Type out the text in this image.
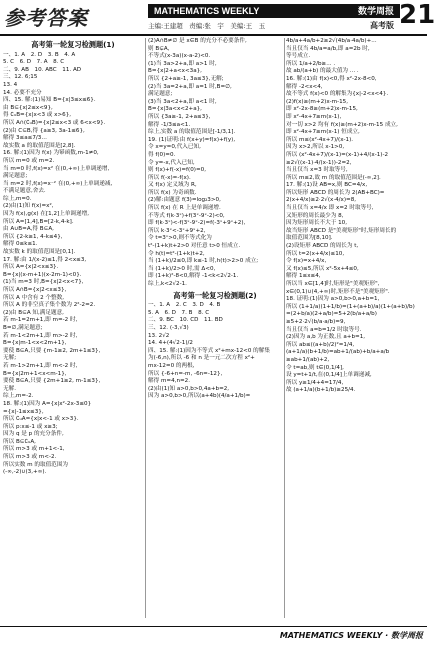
参考答案	MATHEMATICS WEEKLY	数学周报
主编:王建超　责编:张　宇　美编:王　玉	高考版 21
高考第一轮复习检测题(1)
一、1. A　2. D　3. B　4. A
5. C　6. D　7. A　8. C
二、9. AB　10. ABC　11. AD
三、12. 6;15
13. 4
14. 必要不充分
四、15. 解:(1)易知 B={x|3≤x≤6}.
由 B⊆{x|2≤x<9},
得 ∁ᵤB={x|x<3 或 x>6},
所以 A∩(∁ᵤB)={x|2≤x<3 或 6<x<9}.
(2)由 C⊆B,得 {a≥3, 3a-1≤6},
解得 3≤a≤7/3…
故实数 a 的取值范围是[2,8].
16. 解:(1)因为 f(x) 为幂函数,m-1≠0,
所以 m=0 或 m=2.
当 m=0 时,f(x)=x² 在(0,+∞)上单调递增,
满足题意;
当 m=2 时,f(x)=x⁻² 在(0,+∞)上单调递减,
不满足题意,舍去.
综上,m=0.
(2)由(1)知 f(x)=x²,
因为 f(x),g(x) 在[1,2]上单调递增,
所以 A=[1,4],B=[2-k,4-k].
由 A∪B=A,得 B⊆A,
所以 {2-k≥1, 4-k≤4},
解得 0≤k≤1.
故实数 k 的取值范围是[0,1].
17. 解:由 1/(x-2)≤1,得 2<x≤3,
所以 A={x|2<x≤3}.
B={x|(x-m+1)(x-2m-1)<0}.
(1)当 m=3 时,B={x|2<x<7},
所以 A∩B={x|2<x≤3},
所以 A 中含有 2 个整数,
所以 A 的非空真子集个数为 2²-2=2.
(2)由 B⊆A 知,满足题意,
若 m-1=2m+1,即 m=-2 时,
B=∅,满足题意;
若 m-1<2m+1,即 m>-2 时,
B={x|m-1<x<2m+1},
要使 B⊆A,只要 {m-1≥2, 2m+1≤3},
无解;
若 m-1>2m+1,即 m<-2 时,
B={x|2m+1<x<m-1},
要使 B⊆A,只要 {2m+1≥2, m-1≤3},
无解.
综上,m=-2.
18. 解:(1)因为 A={x|x²-2x-3≤0}
={x|-1≤x≤3},
所以 ∁ᵤA={x|x<-1 或 x>3}.
所以 p:x≤-1 或 x≥3;
因为 q 是 p 的充分条件,
所以 B⊆∁ᵤA,
所以 m>3 或 m+1<-1,
所以 m>3 或 m<-2.
所以实数 m 的取值范围为
(-∞,-2)∪(3,+∞).
(2)A∩B≠∅ 是 x∈B 的充分不必要条件,
则 B⊊A,
不等式(x-3a)(x-a-2)<0.
(1)当 3a>2+a,即 a>1 时,
B={x|2+a<x<3a},
所以 {2+a≥-1, 3a≤3},无解;
(2)当 3a=2+a,即 a=1 时,B=∅,
满足题意;
(3)当 3a<2+a,即 a<1 时,
B={x|3a<x<2+a},
所以 {3a≥-1, 2+a≤3},
解得 -1/3≤a<1.
综上,实数 a 的取值范围是[-1/3,1].
19. (1)证明:由 f(x+y)=f(x)+f(y),
令 x=y=0,代入已知,
得 f(0)=0.
令 y=-x,代入已知,
则 f(x)+f(-x)=f(0)=0,
所以 f(-x)=-f(x).
又 f(x) 定义域为 R,
所以 f(x) 为奇函数.
(2)解:由题意 f(3)=log₂3>0,
所以 f(x) 在 R 上是单调递增.
不等式 f(k·3ˣ)+f(3ˣ-9ˣ-2)<0,
即 f(k·3ˣ)<-f(3ˣ-9ˣ-2)=f(-3ˣ+9ˣ+2),
所以 k·3ˣ<-3ˣ+9ˣ+2,
令 t=3ˣ>0,则不等式化为
t²-(1+k)t+2>0 对任意 t>0 恒成立.
令 h(t)=t²-(1+k)t+2,
当 (1+k)/2≤0,即 k≤-1 时,h(t)>2>0 成立;
当 (1+k)/2>0 时,需 Δ<0,
即 (1+k)²-8<0,解得 -1<k<2√2-1.
综上,k<2√2-1.
高考第一轮复习检测题(2)
一、1. A　2. C　3. D　4. B
5. A　6. D　7. B　8. C
二、9. BC　10. CD　11. BD
三、12. (-3,√3)
13. 2√2
14. 4+(4√2-1)/2
四、15. 解:(1)因为不等式 x²+mx-12<0 的解集
为(-6,n),所以 -6 和 n 是一元二次方程 x²+
mx-12=0 的两根,
所以 {-6+n=-m, -6n=-12},
解得 m=4,n=2.
(2)由(1)知 a>0,b>0,4a+b=2,
因为 a>0,b>0,所以(a+4b)(4/a+1/b)=
4b/a+4a/b+2≥2√(4b/a·4a/b)+...
当且仅当 4b/a=a/b,即 a=2b 时,
等号成立.
所以 1/a+2/b≥... .
故 ab/(a+b) 的最大值为 ... .
16. 解:(1)由 f(x)<0,得 x²-2x-8<0,
解得 -2<x<4,
故不等式 f(x)<0 的解集为{x|-2<x<4}.
(2)f(x)≥(m+2)x-m-15,
即 x²-2x-8≥(m+2)x-m-15,
即 x²-4x+7≥m(x-1),
对一切 x>2 均有 f(x)≥(m+2)x-m-15 成立,
即 x²-4x+7≥m(x-1) 恒成立,
所以 m≤(x²-4x+7)/(x-1).
因为 x>2,所以 x-1>0,
所以 (x²-4x+7)/(x-1)=(x-1)+4/(x-1)-2
≥2√((x-1)·4/(x-1))-2=2,
当且仅当 x=3 时取等号,
所以 m≤2,故 m 的取值范围是(-∞,2].
17. 解:(1)设 AB=x,则 BC=4/x,
所以矩形 ABCD 的周长为 2(AB+BC)=
2(x+4/x)≥2·2√(x·4/x)=8,
当且仅当 x=4/x 即 x=2 时取等号,
又矩形的周长最少为 8,
因为矩形周长不大于 10,
故当矩形 ABCD 是"美观矩形"时,矩形周长的
取值范围为[8,10].
(2)设矩形 ABCD 的周长为 t,
所以 t=2(x+4/x)≤10,
令 f(x)=x+4/x,
又 f(x)≤5,所以 x²-5x+4≤0,
解得 1≤x≤4,
所以当 x∈[1,4]时,矩形是"美观矩形",
x∈(0,1)∪(4,+∞)时,矩形不是"美观矩形".
18. 证明:(1)因为 a>0,b>0,a+b=1,
所以 (1+1/a)(1+1/b)=(1+(a+b)/a)(1+(a+b)/b)
=(2+b/a)(2+a/b)=5+2(b/a+a/b)
≥5+2·2√(b/a·a/b)=9,
当且仅当 a=b=1/2 时取等号.
(2)因为 a,b 为正数,且 a+b=1,
所以 ab≤((a+b)/2)²=1/4,
(a+1/a)(b+1/b)=ab+1/(ab)+b/a+a/b
≥ab+1/(ab)+2,
令 t=ab,则 t∈(0,1/4],
设 y=t+1/t,在(0,1/4]上单调递减,
所以 y≥1/4+4=17/4,
故 (a+1/a)(b+1/b)≥25/4.
MATHEMATICS WEEKLY · 数学周报
